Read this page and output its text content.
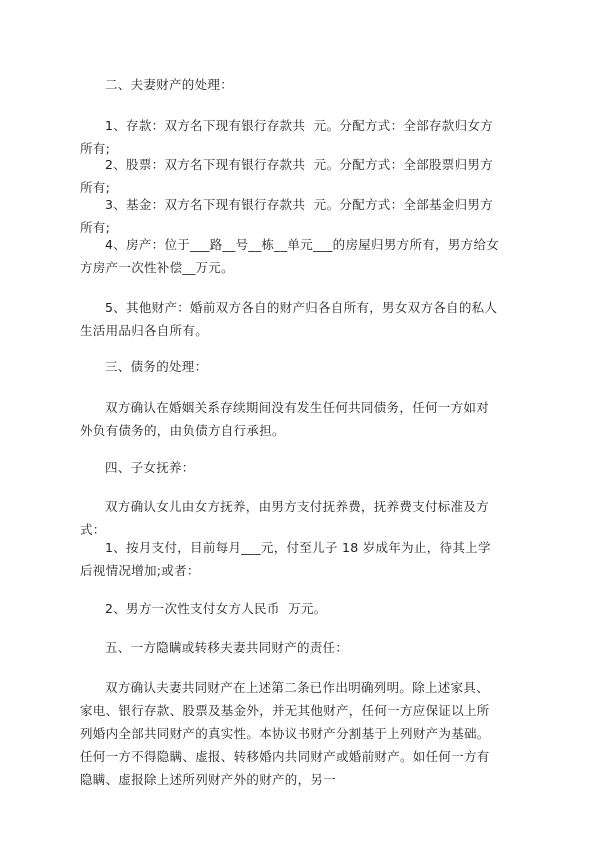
二、夫妻财产的处理：
1、存款：双方名下现有银行存款共  元。分配方式：全部存款归女方所有;
2、股票：双方名下现有银行存款共  元。分配方式：全部股票归男方所有;
3、基金：双方名下现有银行存款共  元。分配方式：全部基金归男方所有;
4、房产：位于___路__号__栋__单元___的房屋归男方所有，男方给女方房产一次性补偿__万元。
5、其他财产：婚前双方各自的财产归各自所有，男女双方各自的私人生活用品归各自所有。
三、债务的处理：
双方确认在婚姻关系存续期间没有发生任何共同债务，任何一方如对外负有债务的，由负债方自行承担。
四、子女抚养：
双方确认女儿由女方抚养，由男方支付抚养费，抚养费支付标准及方式：
1、按月支付，目前每月___元，付至儿子 18 岁成年为止，待其上学后视情况增加;或者：
2、男方一次性支付女方人民币  万元。
五、一方隐瞒或转移夫妻共同财产的责任：
双方确认夫妻共同财产在上述第二条已作出明确列明。除上述家具、家电、银行存款、股票及基金外，并无其他财产，任何一方应保证以上所列婚内全部共同财产的真实性。本协议书财产分割基于上列财产为基础。任何一方不得隐瞒、虚报、转移婚内共同财产或婚前财产。如任何一方有隐瞒、虚报除上述所列财产外的财产的，另一
